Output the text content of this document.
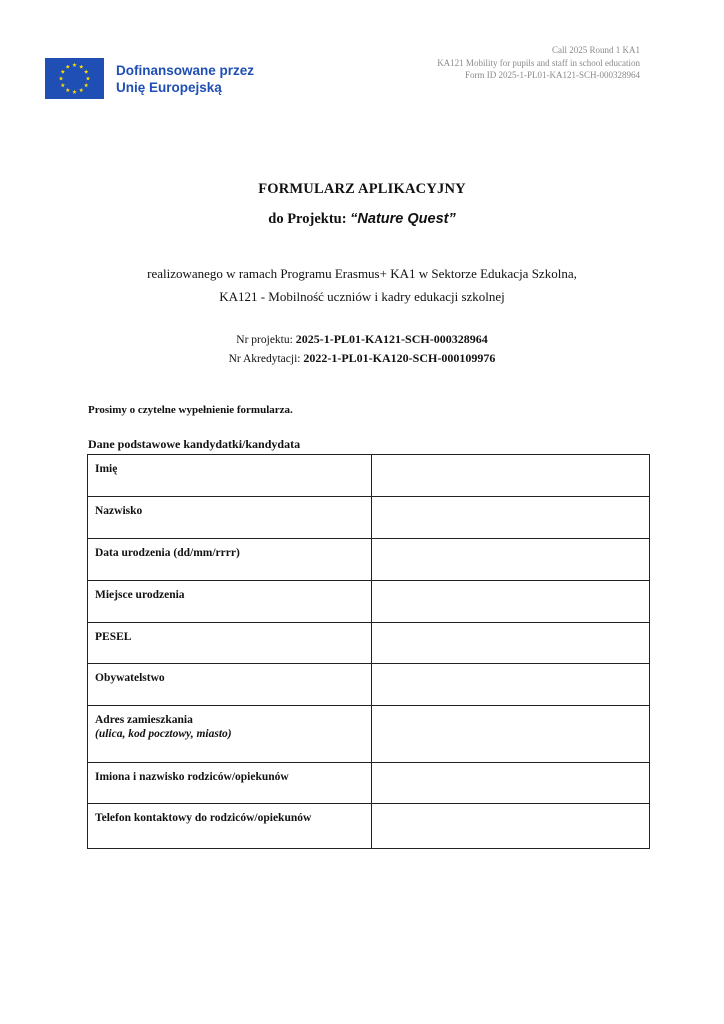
Dofinansowane przez
Unię Europejską
Call 2025 Round 1 KA1
KA121 Mobility for pupils and staff in school education
Form ID 2025-1-PL01-KA121-SCH-000328964
FORMULARZ APLIKACYJNY
do Projektu: “Nature Quest”
realizowanego w ramach Programu Erasmus+ KA1 w Sektorze Edukacja Szkolna,
KA121 - Mobilność uczniów i kadry edukacji szkolnej
Nr projektu: 2025-1-PL01-KA121-SCH-000328964
Nr Akredytacji: 2022-1-PL01-KA120-SCH-000109976
Prosimy o czytelne wypełnienie formularza.
Dane podstawowe kandydatki/kandydata
Imię	
Nazwisko	
Data urodzenia (dd/mm/rrrr)	
Miejsce urodzenia	
PESEL	
Obywatelstwo	
Adres zamieszkania
(ulica, kod pocztowy, miasto)	

Imiona i nazwisko rodziców/opiekunów	
Telefon kontaktowy do rodziców/opiekunów	
